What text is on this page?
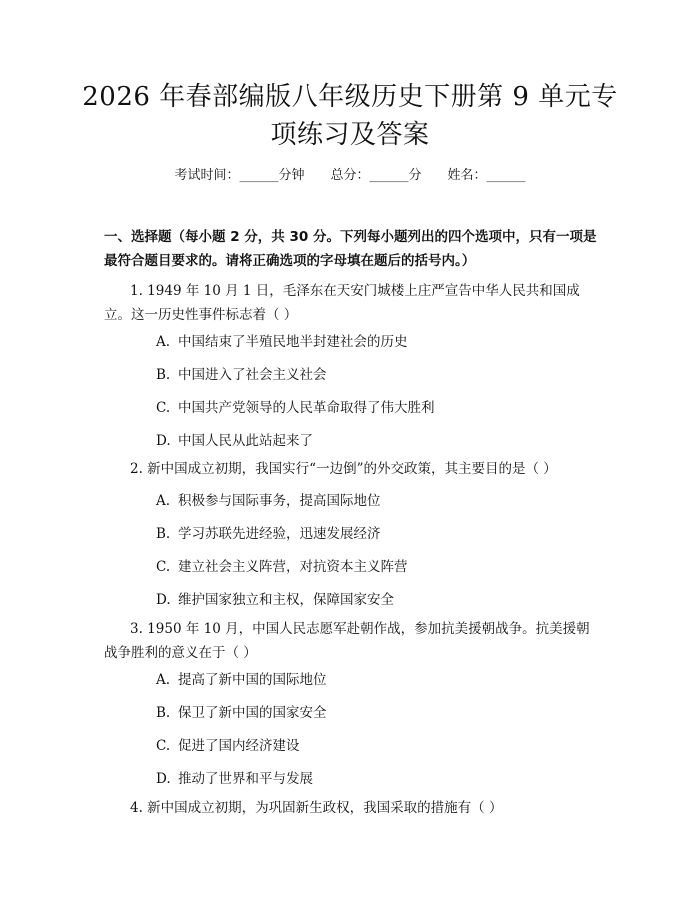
2026 年春部编版八年级历史下册第 9 单元专
项练习及答案
考试时间：______分钟 总分：______分 姓名：______
一、选择题（每小题 2 分，共 30 分。下列每小题列出的四个选项中，只有一项是最符合题目要求的。请将正确选项的字母填在题后的括号内。）
1. 1949 年 10 月 1 日，毛泽东在天安门城楼上庄严宣告中华人民共和国成
立。这一历史性事件标志着（ ）
A. 中国结束了半殖民地半封建社会的历史
B. 中国进入了社会主义社会
C. 中国共产党领导的人民革命取得了伟大胜利
D. 中国人民从此站起来了
2. 新中国成立初期，我国实行“一边倒”的外交政策，其主要目的是（ ）
A. 积极参与国际事务，提高国际地位
B. 学习苏联先进经验，迅速发展经济
C. 建立社会主义阵营，对抗资本主义阵营
D. 维护国家独立和主权，保障国家安全
3. 1950 年 10 月，中国人民志愿军赴朝作战，参加抗美援朝战争。抗美援朝
战争胜利的意义在于（ ）
A. 提高了新中国的国际地位
B. 保卫了新中国的国家安全
C. 促进了国内经济建设
D. 推动了世界和平与发展
4. 新中国成立初期，为巩固新生政权，我国采取的措施有（ ）
